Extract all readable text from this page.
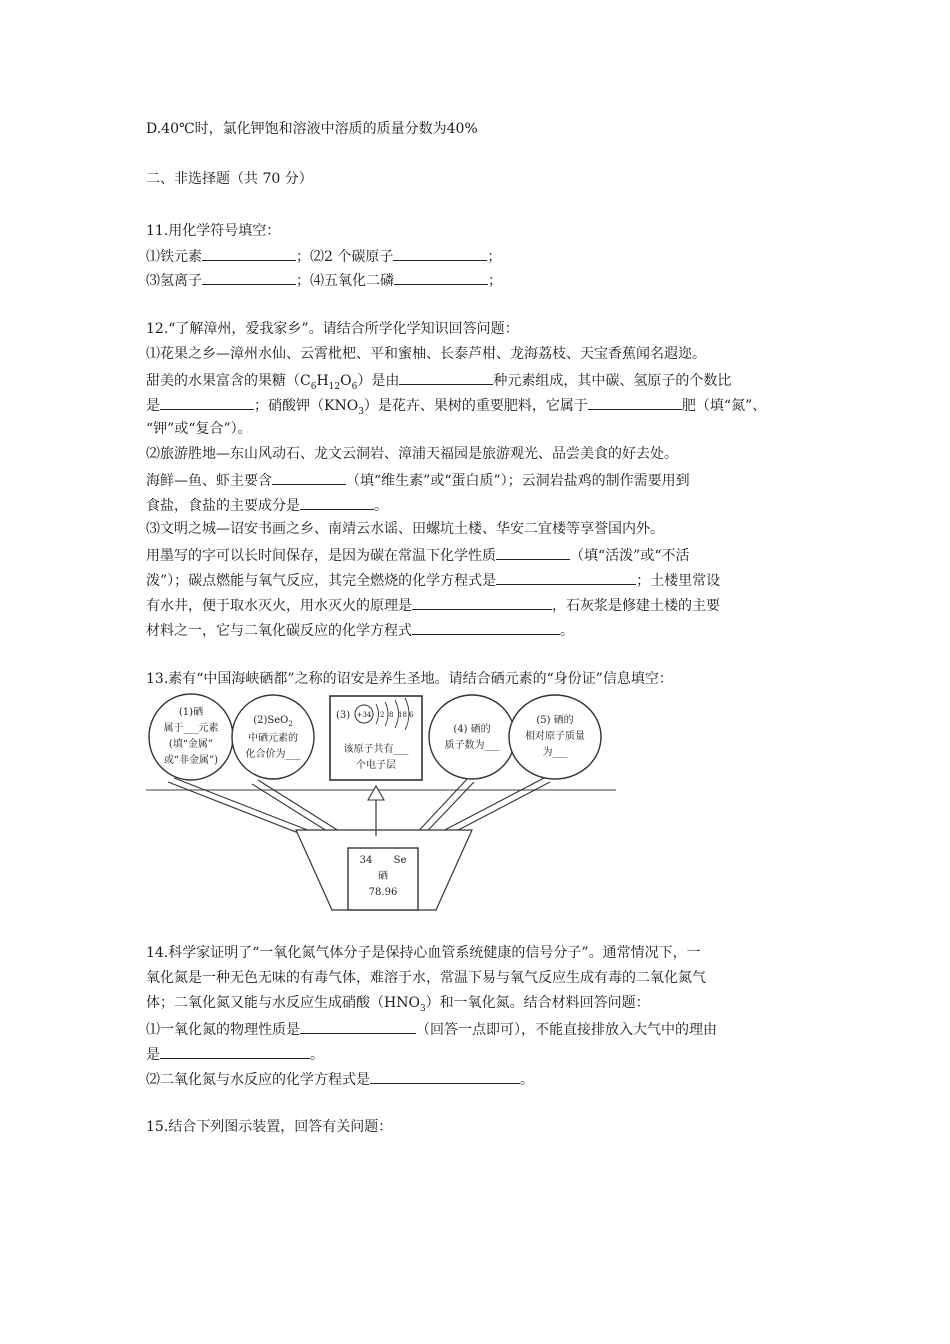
D.40℃时，氯化钾饱和溶液中溶质的质量分数为40%
二、非选择题（共 70 分）
11.用化学符号填空：
⑴铁元素	；⑵2 个碳原子	；
⑶氢离子	；⑷五氧化二磷	；
12.“了解漳州，爱我家乡”。请结合所学化学知识回答问题：
⑴花果之乡—漳州水仙、云霄枇杷、平和蜜柚、长泰芦柑、龙海荔枝、天宝香蕉闻名遐迩。
甜美的水果富含的果糖$(C_6H_{12}O_6)$是由	种元素组成，其中碳、氢原子的个数比
是	；硝酸钾$(KNO_3)$是花卉、果树的重要肥料，它属于	肥（填“氮”、
“钾”或“复合”）。
⑵旅游胜地—东山风动石、龙文云洞岩、漳浦天福园是旅游观光、品尝美食的好去处。
海鲜—鱼、虾主要含	（填“维生素”或“蛋白质”）；云洞岩盐鸡的制作需要用到
食盐，食盐的主要成分是	。
⑶文明之城—诏安书画之乡、南靖云水谣、田螺坑土楼、华安二宜楼等享誉国内外。
用墨写的字可以长时间保存，是因为碳在常温下化学性质	（填“活泼”或“不活
泼”）；碳点燃能与氧气反应，其完全燃烧的化学方程式是	；土楼里常设
有水井，便于取水灭火，用水灭火的原理是	，石灰浆是修建土楼的主要
材料之一，它与二氧化碳反应的化学方程式	。
13.素有“中国海峡硒都”之称的诏安是养生圣地。请结合硒元素的“身份证”信息填空：
(1)硒
属于___元素
(填“金属”
或“非金属”)
(2)SeO$_2$
中硒元素的
化合价为___
(3) +34 2 8 18 6
该原子共有___
个电子层
(4) 硒的
质子数为___
(5) 硒的
相对原子质量
为___
34 Se
硒
78.96
14.科学家证明了“一氧化氮气体分子是保持心血管系统健康的信号分子”。通常情况下，一
氧化氮是一种无色无味的有毒气体，难溶于水，常温下易与氧气反应生成有毒的二氧化氮气
体；二氧化氮又能与水反应生成硝酸$(HNO_3)$和一氧化氮。结合材料回答问题：
⑴一氧化氮的物理性质是	（回答一点即可），不能直接排放入大气中的理由
是	。
⑵二氧化氮与水反应的化学方程式是	。
15.结合下列图示装置，回答有关问题：
